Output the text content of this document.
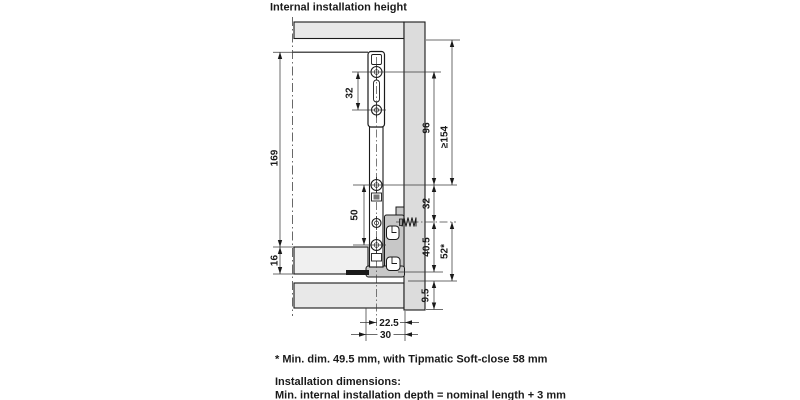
Internal installation height
169
16
32
50
96
32
40.5
≥154
52*
9.5
22.5
30
* Min. dim. 49.5 mm, with Tipmatic Soft-close 58 mm
Installation dimensions:
Min. internal installation depth = nominal length + 3 mm
